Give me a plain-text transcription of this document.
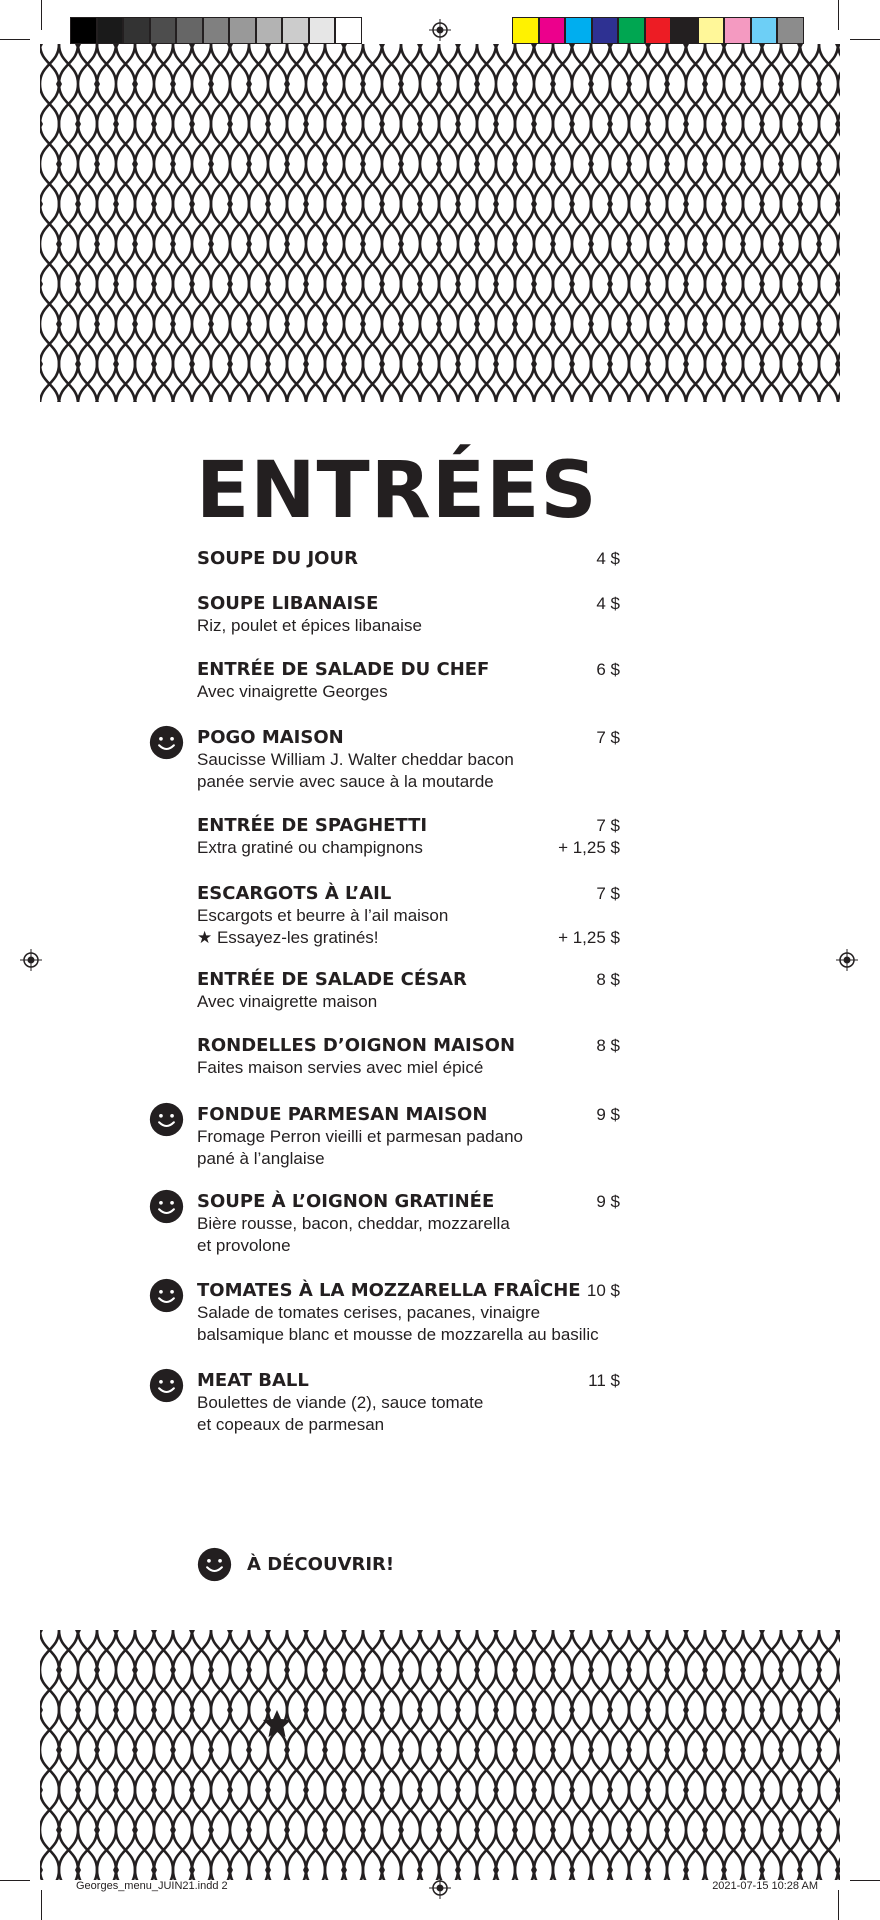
ENTRÉES
SOUPE DU JOUR	4 $
SOUPE LIBANAISE	4 $
Riz, poulet et épices libanaise
ENTRÉE DE SALADE DU CHEF	6 $
Avec vinaigrette Georges
POGO MAISON	7 $
Saucisse William J. Walter cheddar bacon
panée servie avec sauce à la moutarde
ENTRÉE DE SPAGHETTI	7 $
Extra gratiné ou champignons	+ 1,25 $
ESCARGOTS À L’AIL	7 $
Escargots et beurre à l’ail maison
★ Essayez-les gratinés!	+ 1,25 $
ENTRÉE DE SALADE CÉSAR	8 $
Avec vinaigrette maison
RONDELLES D’OIGNON MAISON	8 $
Faites maison servies avec miel épicé
FONDUE PARMESAN MAISON	9 $
Fromage Perron vieilli et parmesan padano
pané à l’anglaise
SOUPE À L’OIGNON GRATINÉE	9 $
Bière rousse, bacon, cheddar, mozzarella
et provolone
TOMATES À LA MOZZARELLA FRAÎCHE 10 $
Salade de tomates cerises, pacanes, vinaigre
balsamique blanc et mousse de mozzarella au basilic
MEAT BALL	11 $
Boulettes de viande (2), sauce tomate
et copeaux de parmesan
À DÉCOUVRIR!
Georges_menu_JUIN21.indd 2	2021-07-15 10:28 AM
